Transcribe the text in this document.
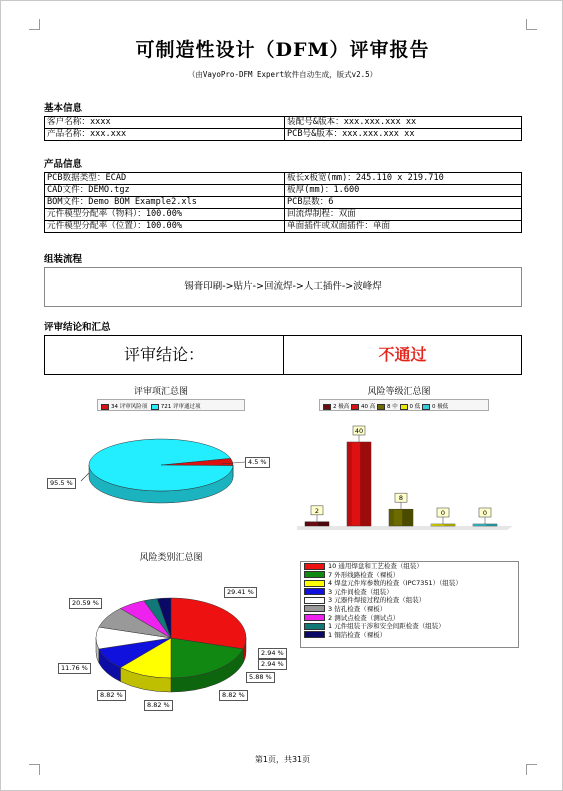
可制造性设计（DFM）评审报告
（由VayoPro-DFM Expert软件自动生成，版式v2.5）
基本信息
客户名称：xxxx	装配号&版本：xxx.xxx.xxx xx
产品名称：xxx.xxx	PCB号&版本：xxx.xxx.xxx xx
产品信息
PCB数据类型：ECAD	板长x板宽(mm)：245.110 x 219.710
CAD文件：DEMO.tgz	板厚(mm)：1.600
BOM文件：Demo BOM Example2.xls	PCB层数：6
元件模型分配率（物料）：100.00%	回流焊制程：双面
元件模型分配率（位置）：100.00%	单面插件或双面插件：单面
组装流程
锡膏印刷->贴片->回流焊->人工插件->波峰焊
评审结论和汇总
评审结论：	不通过
评审项汇总图
34 评审风险项 721 评审通过项
4.5 %
95.5 %
风险等级汇总图
2 极高 40 高 8 中 0 低 0 极低
2
40
8
0	0
风险类别汇总图
29.41 %
20.59 %
11.76 %
8.82 %
8.82 %
8.82 %
5.88 %
2.94 %
2.94 %
10 通用焊盘和工艺检查（组装）
7 外形线路检查（裸板）
4 焊盘元件库参数的检查（IPC7351）（组装）
3 元件间检查（组装）
3 元器件焊接过程的检查（组装）
3 钻孔检查（裸板）
2 测试点检查（测试点）
1 元件组装干涉和安全间距检查（组装）
1 铜箔检查（裸板）
第1页，共31页
